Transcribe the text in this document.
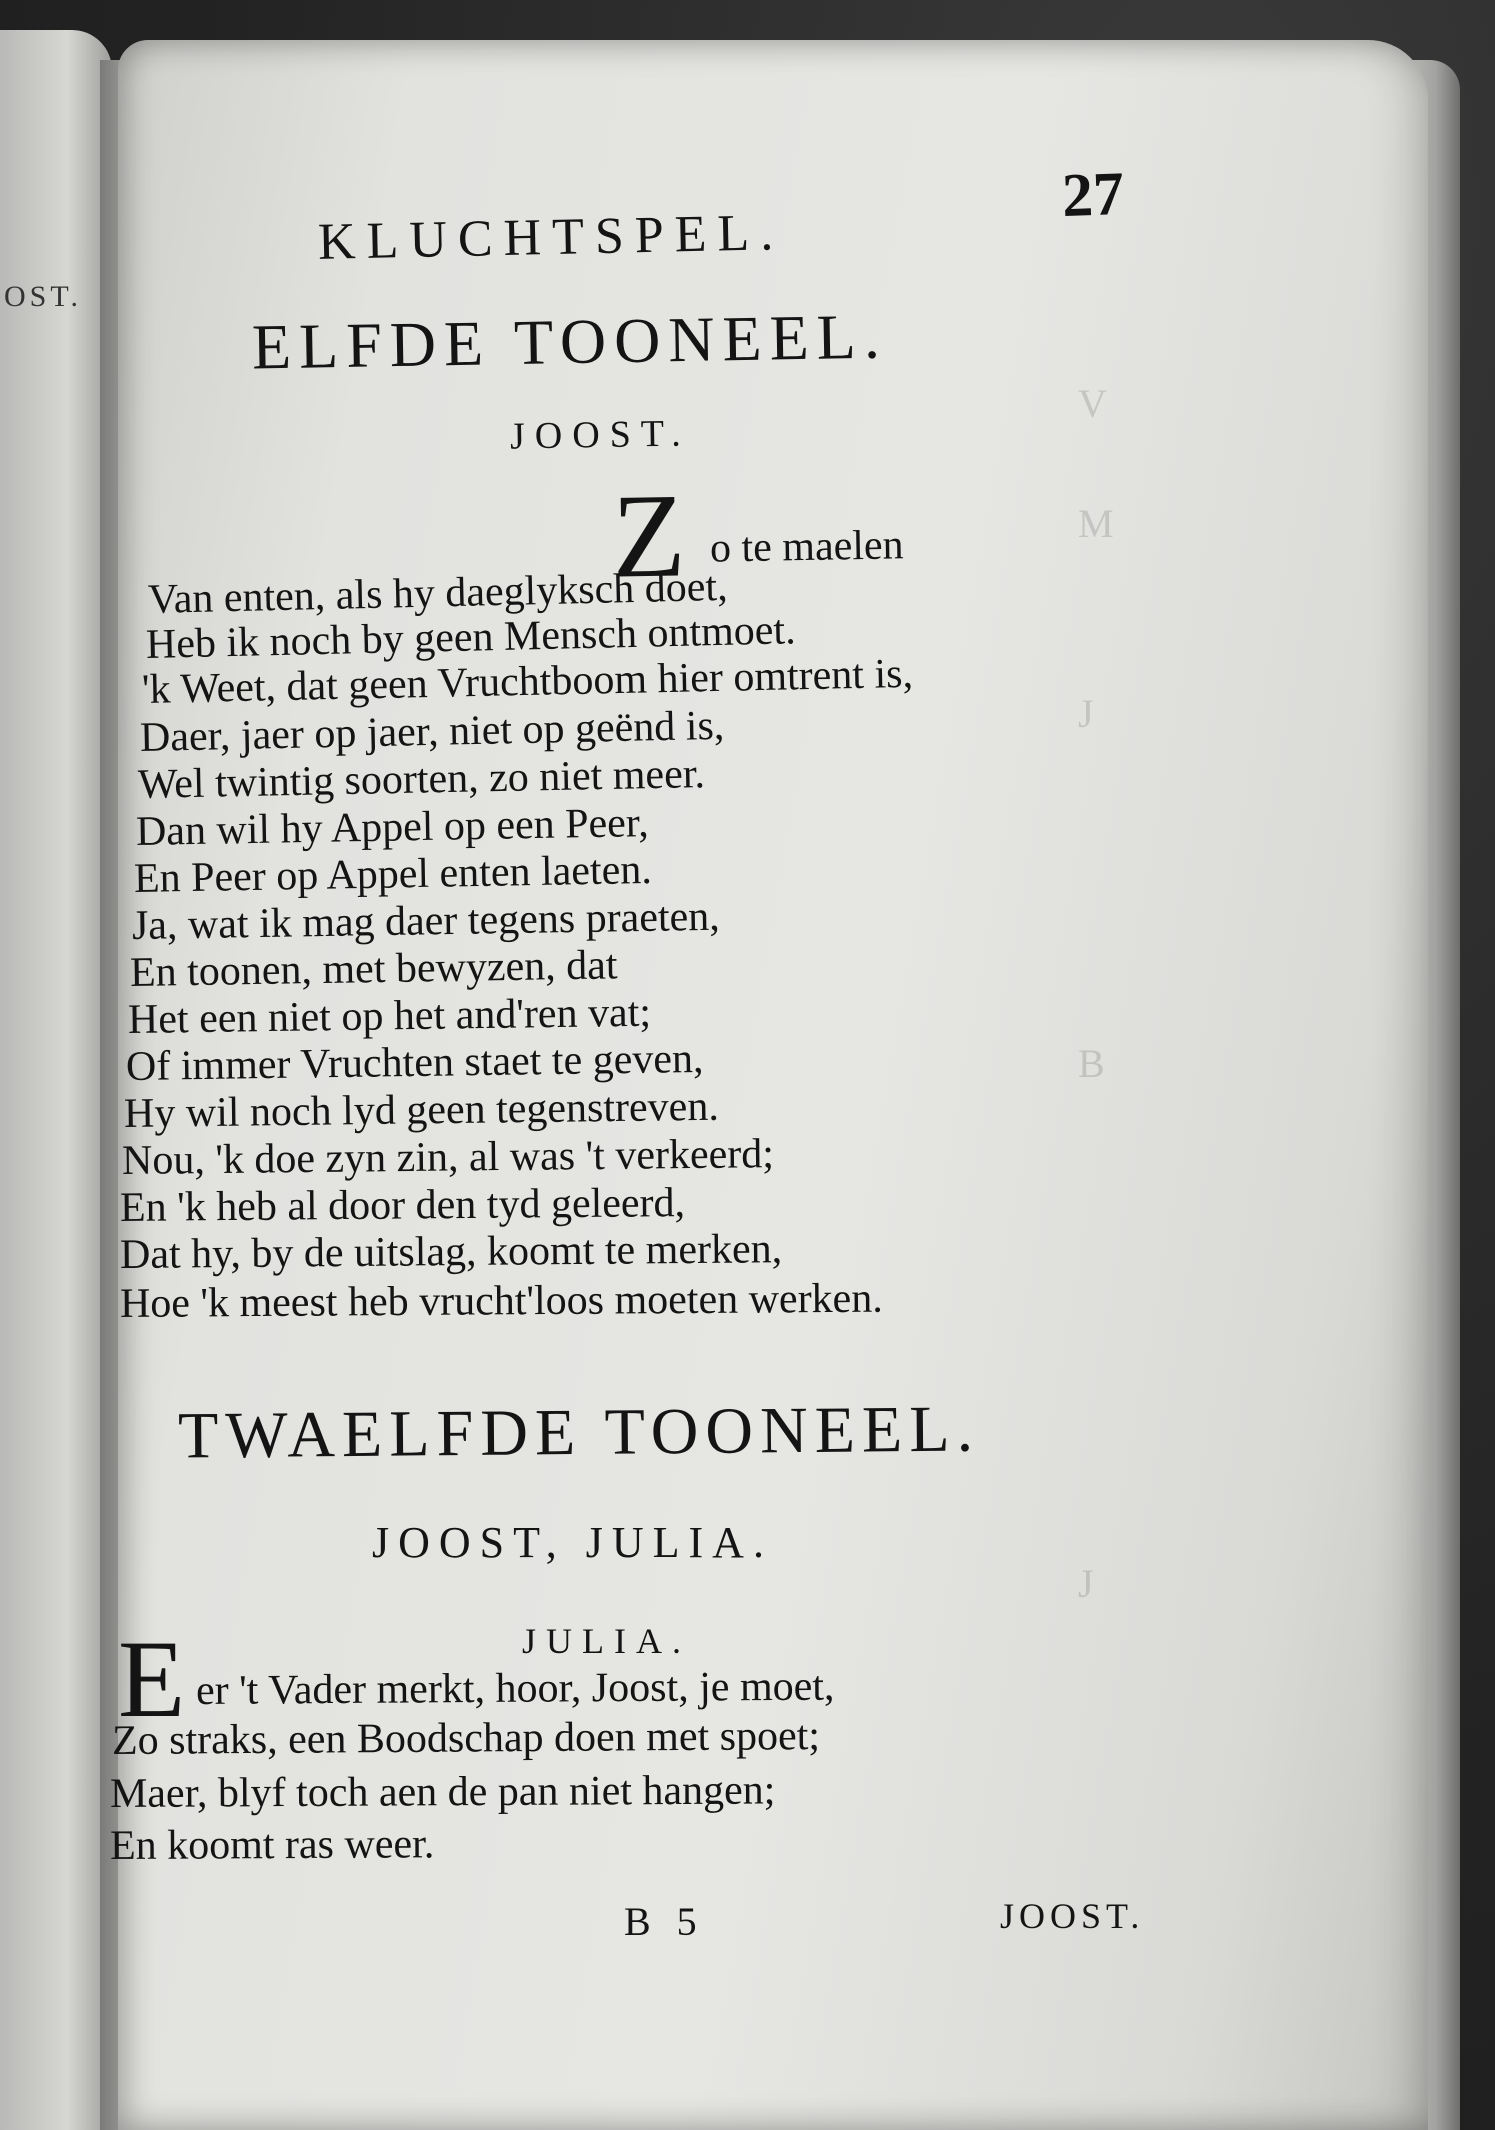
OST.
V
M
J
B
J
KLUCHTSPEL.
27
ELFDE TOONEEL.
JOOST.
Z o te maelen
Van enten, als hy daeglyksch doet,
Heb ik noch by geen Mensch ontmoet.
'k Weet, dat geen Vruchtboom hier omtrent is,
Daer, jaer op jaer, niet op geënd is,
Wel twintig soorten, zo niet meer.
Dan wil hy Appel op een Peer,
En Peer op Appel enten laeten.
Ja, wat ik mag daer tegens praeten,
En toonen, met bewyzen, dat
Het een niet op het and'ren vat;
Of immer Vruchten staet te geven,
Hy wil noch lyd geen tegenstreven.
Nou, 'k doe zyn zin, al was 't verkeerd;
En 'k heb al door den tyd geleerd,
Dat hy, by de uitslag, koomt te merken,
Hoe 'k meest heb vrucht'loos moeten werken.
TWAELFDE TOONEEL.
JOOST, JULIA.
JULIA.
E er 't Vader merkt, hoor, Joost, je moet,
Zo straks, een Boodschap doen met spoet;
Maer, blyf toch aen de pan niet hangen;
En koomt ras weer.
B 5	JOOST.
